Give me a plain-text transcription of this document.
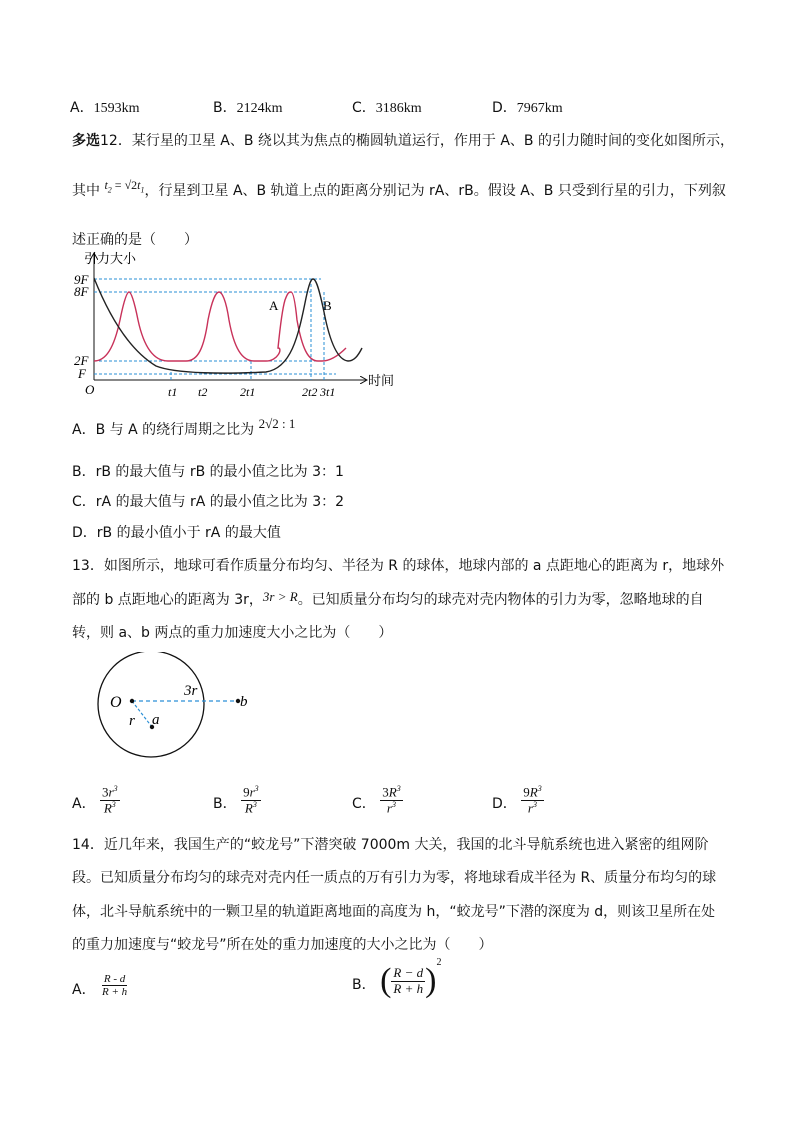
A．1593km	B．2124km	C．3186km	D．7967km
多选12．某行星的卫星 A、B 绕以其为焦点的椭圆轨道运行，作用于 A、B 的引力随时间的变化如图所示，
其中 $t_2 = √2t_1$，行星到卫星 A、B 轨道上点的距离分别记为 rA、rB。假设 A、B 只受到行星的引力，下列叙
述正确的是（　　）
引力大小
时间
O
9F
8F
2F
F
t1 t2	2t1	2t2 3t1
A	B
A．B 与 A 的绕行周期之比为 2√2 : 1
B．rB 的最大值与 rB 的最小值之比为 3：1
C．rA 的最大值与 rA 的最小值之比为 3：2
D．rB 的最小值小于 rA 的最大值
13．如图所示，地球可看作质量分布均匀、半径为 R 的球体，地球内部的 a 点距地心的距离为 r，地球外
部的 b 点距地心的距离为 3r，3r > R。已知质量分布均匀的球壳对壳内物体的引力为零，忽略地球的自
转，则 a、b 两点的重力加速度大小之比为（　　）
O
3r
b
r a
A． $\frac{3r^3}{R^3}$	B． $\frac{9r^3}{R^3}$	C． $\frac{3R^3}{r^3}$	D． $\frac{9R^3}{r^3}$
14．近几年来，我国生产的“蛟龙号”下潜突破 7000m 大关，我国的北斗导航系统也进入紧密的组网阶
段。已知质量分布均匀的球壳对壳内任一质点的万有引力为零，将地球看成半径为 R、质量分布均匀的球
体，北斗导航系统中的一颗卫星的轨道距离地面的高度为 h，“蛟龙号”下潜的深度为 d，则该卫星所在处
的重力加速度与“蛟龙号”所在处的重力加速度的大小之比为（　　）
A． $\frac{R - d}{R + h}$	B． ( $\frac{R - d}{R + h} )^2$
